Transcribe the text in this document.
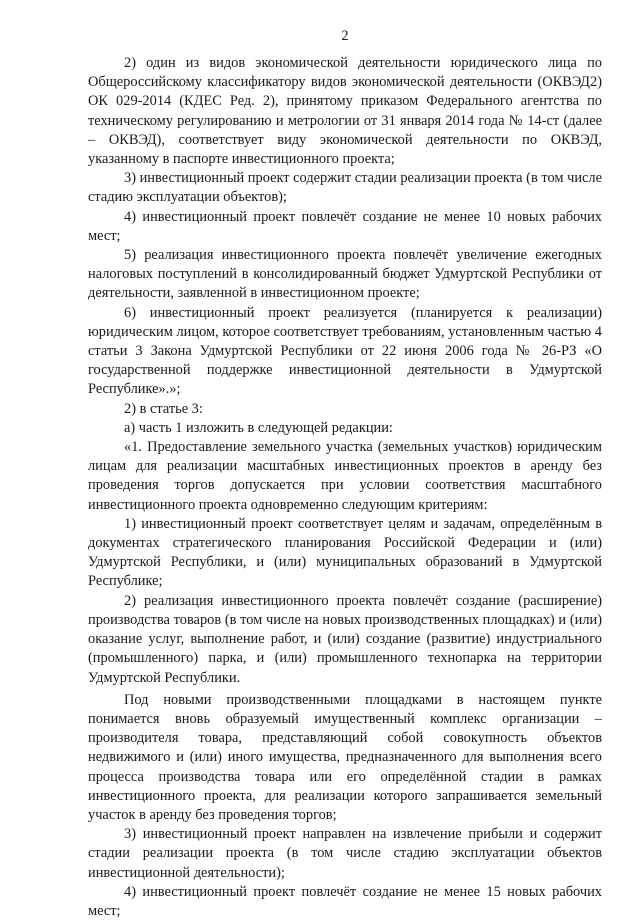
2

2) один из видов экономической деятельности юридического лица по Общероссийскому классификатору видов экономической деятельности (ОКВЭД2) ОК 029-2014 (КДЕС Ред. 2), принятому приказом Федерального агентства по техническому регулированию и метрологии от 31 января 2014 года № 14-ст (далее – ОКВЭД), соответствует виду экономической деятельности по ОКВЭД, указанному в паспорте инвестиционного проекта;

3) инвестиционный проект содержит стадии реализации проекта (в том числе стадию эксплуатации объектов);

4) инвестиционный проект повлечёт создание не менее 10 новых рабочих мест;

5) реализация инвестиционного проекта повлечёт увеличение ежегодных налоговых поступлений в консолидированный бюджет Удмуртской Республики от деятельности, заявленной в инвестиционном проекте;

6) инвестиционный проект реализуется (планируется к реализации) юридическим лицом, которое соответствует требованиям, установленным частью 4 статьи 3 Закона Удмуртской Республики от 22 июня 2006 года № 26-РЗ «О государственной поддержке инвестиционной деятельности в Удмуртской Республике».»;

2) в статье 3:

а) часть 1 изложить в следующей редакции:

«1. Предоставление земельного участка (земельных участков) юридическим лицам для реализации масштабных инвестиционных проектов в аренду без проведения торгов допускается при условии соответствия масштабного инвестиционного проекта одновременно следующим критериям:

1) инвестиционный проект соответствует целям и задачам, определённым в документах стратегического планирования Российской Федерации и (или) Удмуртской Республики, и (или) муниципальных образований в Удмуртской Республике;

2) реализация инвестиционного проекта повлечёт создание (расширение) производства товаров (в том числе на новых производственных площадках) и (или) оказание услуг, выполнение работ, и (или) создание (развитие) индустриального (промышленного) парка, и (или) промышленного технопарка на территории Удмуртской Республики.

Под новыми производственными площадками в настоящем пункте понимается вновь образуемый имущественный комплекс организации – производителя товара, представляющий собой совокупность объектов недвижимого и (или) иного имущества, предназначенного для выполнения всего процесса производства товара или его определённой стадии в рамках инвестиционного проекта, для реализации которого запрашивается земельный участок в аренду без проведения торгов;

3) инвестиционный проект направлен на извлечение прибыли и содержит стадии реализации проекта (в том числе стадию эксплуатации объектов инвестиционной деятельности);

4) инвестиционный проект повлечёт создание не менее 15 новых рабочих мест;
